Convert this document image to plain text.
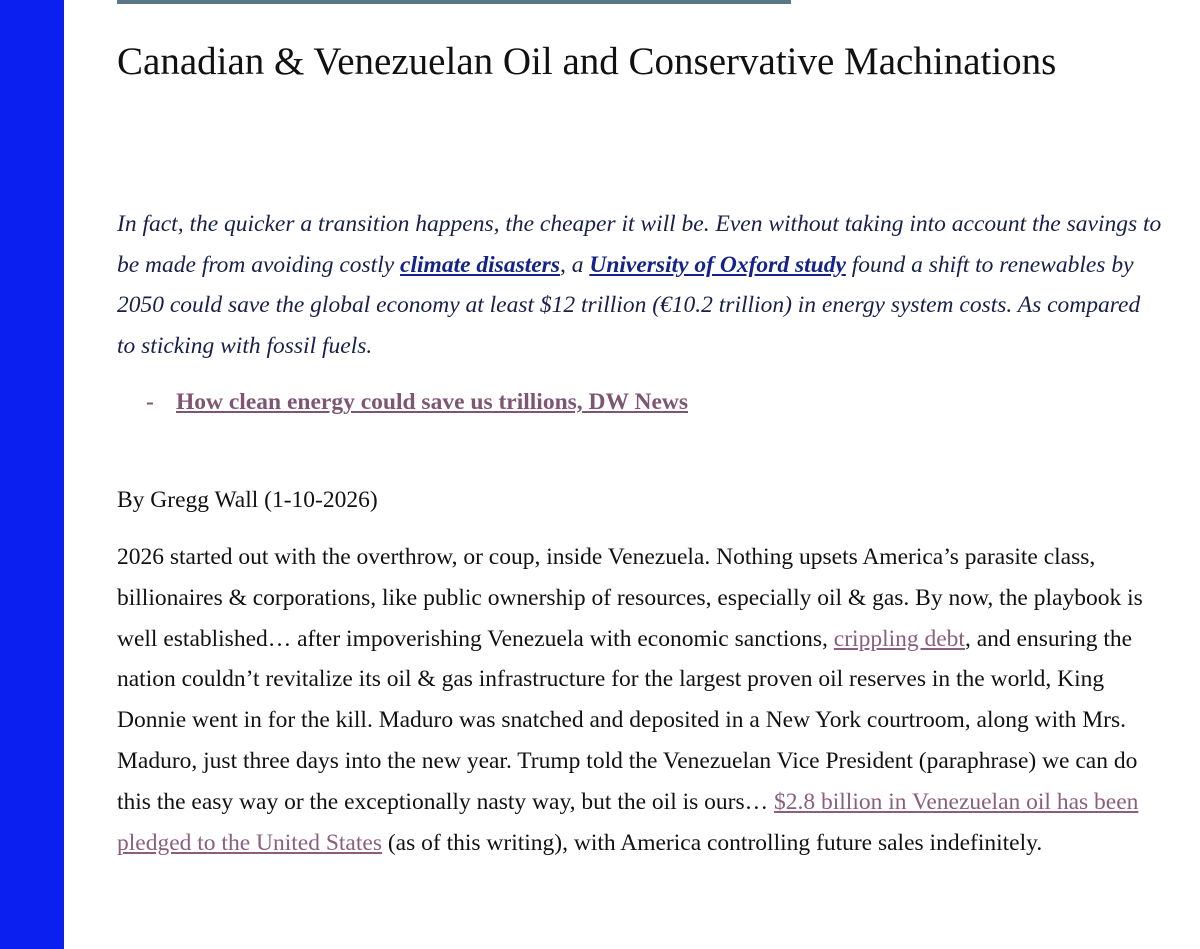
Canadian & Venezuelan Oil and Conservative Machinations

In fact, the quicker a transition happens, the cheaper it will be. Even without taking into account the savings to be made from avoiding costly climate disasters, a University of Oxford study found a shift to renewables by 2050 could save the global economy at least $12 trillion (€10.2 trillion) in energy system costs. As compared to sticking with fossil fuels.

- How clean energy could save us trillions, DW News

By Gregg Wall (1-10-2026)

2026 started out with the overthrow, or coup, inside Venezuela. Nothing upsets America’s parasite class, billionaires & corporations, like public ownership of resources, especially oil & gas. By now, the playbook is well established… after impoverishing Venezuela with economic sanctions, crippling debt, and ensuring the nation couldn’t revitalize its oil & gas infrastructure for the largest proven oil reserves in the world, King Donnie went in for the kill. Maduro was snatched and deposited in a New York courtroom, along with Mrs. Maduro, just three days into the new year. Trump told the Venezuelan Vice President (paraphrase) we can do this the easy way or the exceptionally nasty way, but the oil is ours… $2.8 billion in Venezuelan oil has been pledged to the United States (as of this writing), with America controlling future sales indefinitely.
